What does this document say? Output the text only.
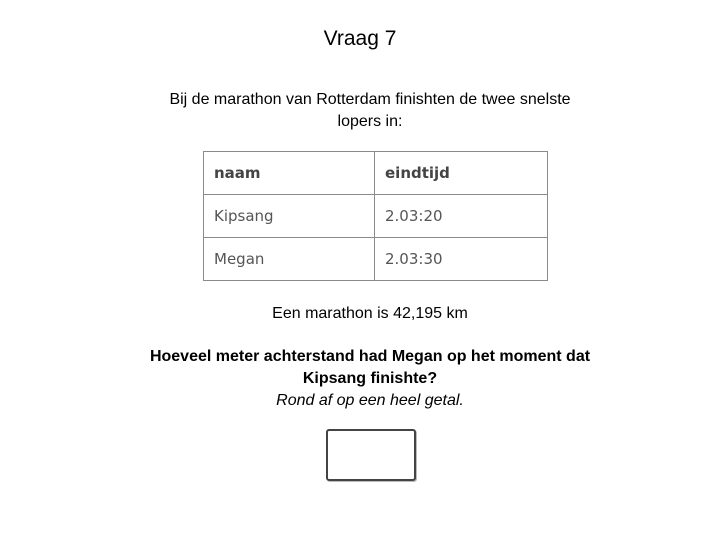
Vraag 7
Bij de marathon van Rotterdam finishten de twee snelste lopers in:
naam	eindtijd
Kipsang	2.03:20
Megan	2.03:30
Een marathon is 42,195 km
Hoeveel meter achterstand had Megan op het moment dat Kipsang finishte?
Rond af op een heel getal.
